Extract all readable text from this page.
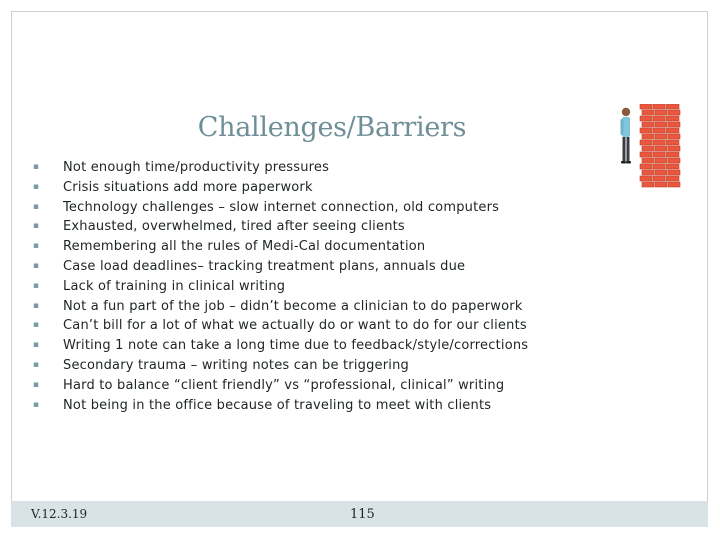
Challenges/Barriers
▪ Not enough time/productivity pressures
▪ Crisis situations add more paperwork
▪ Technology challenges – slow internet connection, old computers
▪ Exhausted, overwhelmed, tired after seeing clients
▪ Remembering all the rules of Medi-Cal documentation
▪ Case load deadlines– tracking treatment plans, annuals due
▪ Lack of training in clinical writing
▪ Not a fun part of the job – didn’t become a clinician to do paperwork
▪ Can’t bill for a lot of what we actually do or want to do for our clients
▪ Writing 1 note can take a long time due to feedback/style/corrections
▪ Secondary trauma – writing notes can be triggering
▪ Hard to balance “client friendly” vs “professional, clinical” writing
▪ Not being in the office because of traveling to meet with clients
V.12.3.19	115
